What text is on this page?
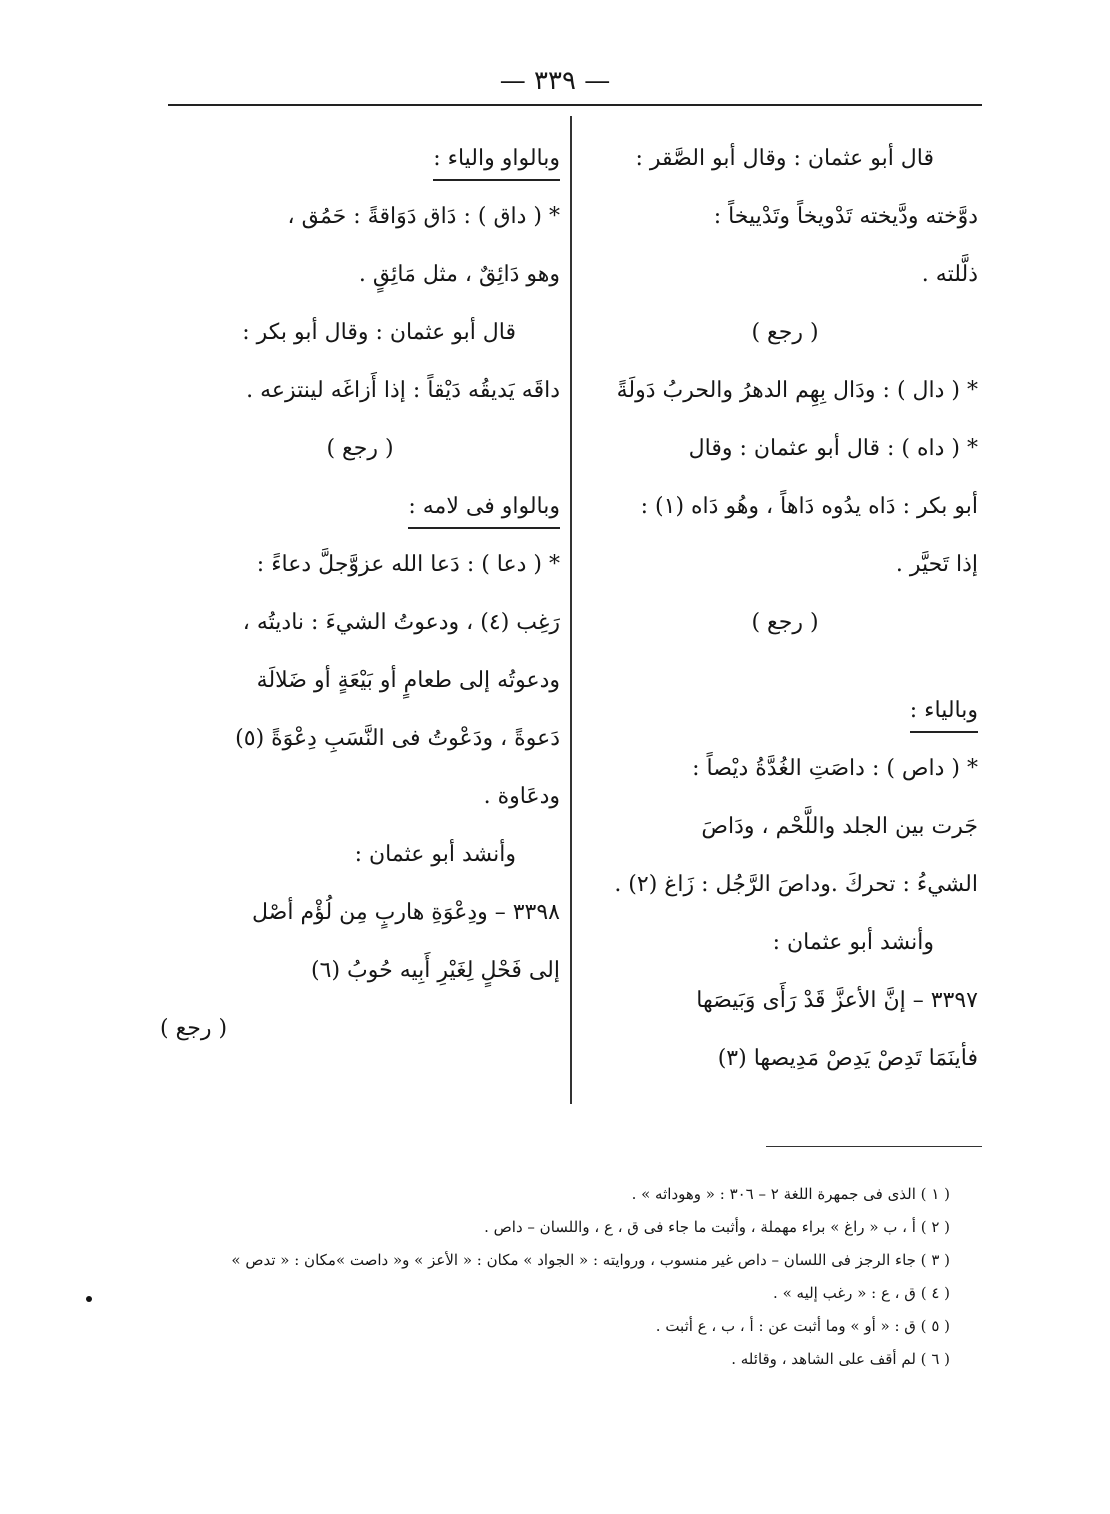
— ٣٣٩ —
قال أبو عثمان : وقال أبو الصَّقر :
دوَّخته ودَّيخته تَدْويخاً وتَدْييخاً :
ذلَّلته .
( رجع )
* ( دال ) : ودَال بِهِم الدهرُ والحربُ دَولَةً
* ( داه ) : قال أبو عثمان : وقال
أبو بكر : دَاه يدُوه دَاهاً ، وهُو دَاه (١) :
إذا تَحيَّر .
( رجع )
وبالياء :
* ( داص ) : داصَتِ الغُدَّةُ ديْصاً :
جَرت بين الجلد واللَّحْم ، ودَاصَ
الشيءُ : تحركَ .وداصَ الرَّجُل : زَاغ (٢) .
وأنشد أبو عثمان :
٣٣٩٧ – إنَّ الأعزَّ قَدْ رَأَى وَبَيصَها
فأينَمَا تَدِصْ يَدِصْ مَدِيصها (٣)
وبالواو والياء :
* ( داق ) : دَاق دَوَاقةً : حَمُق ،
وهو دَائِقٌ ، مثل مَائِقٍ .
قال أبو عثمان : وقال أبو بكر :
داقَه يَديقُه دَيْقاً : إذا أَزاغَه لينتزعه .
( رجع )
وبالواو فى لامه :
* ( دعا ) : دَعا الله عزوَّجلَّ دعاءً :
رَغِب (٤) ، ودعوتُ الشيءَ : ناديتُه ،
ودعوتُه إلى طعامٍ أو بَيْعَةٍ أو ضَلالَة
دَعوةً ، ودَعْوتُ فى النَّسَبِ دِعْوَةً (٥)
ودعَاوة .
وأنشد أبو عثمان :
٣٣٩٨ – ودِعْوَةِ هاربٍ مِن لُؤْم أصْل
إلى فَحْلٍ لِغَيْرِ أَبِيه حُوبُ (٦)
( رجع )
( ١ ) الذى فى جمهرة اللغة ٢ – ٣٠٦ : « وهوداثه » .
( ٢ ) أ ، ب « راغ » براء مهملة ، وأثبت ما جاء فى ق ، ع ، واللسان – داص .
( ٣ ) جاء الرجز فى اللسان – داص غير منسوب ، وروايته : « الجواد » مكان : « الأعز » و« داصت »مكان : « تدص »
( ٤ ) ق ، ع : « رغب إليه » .
( ٥ ) ق : « أو » وما أثبت عن : أ ، ب ، ع أثبت .
( ٦ ) لم أقف على الشاهد ، وقائله .
